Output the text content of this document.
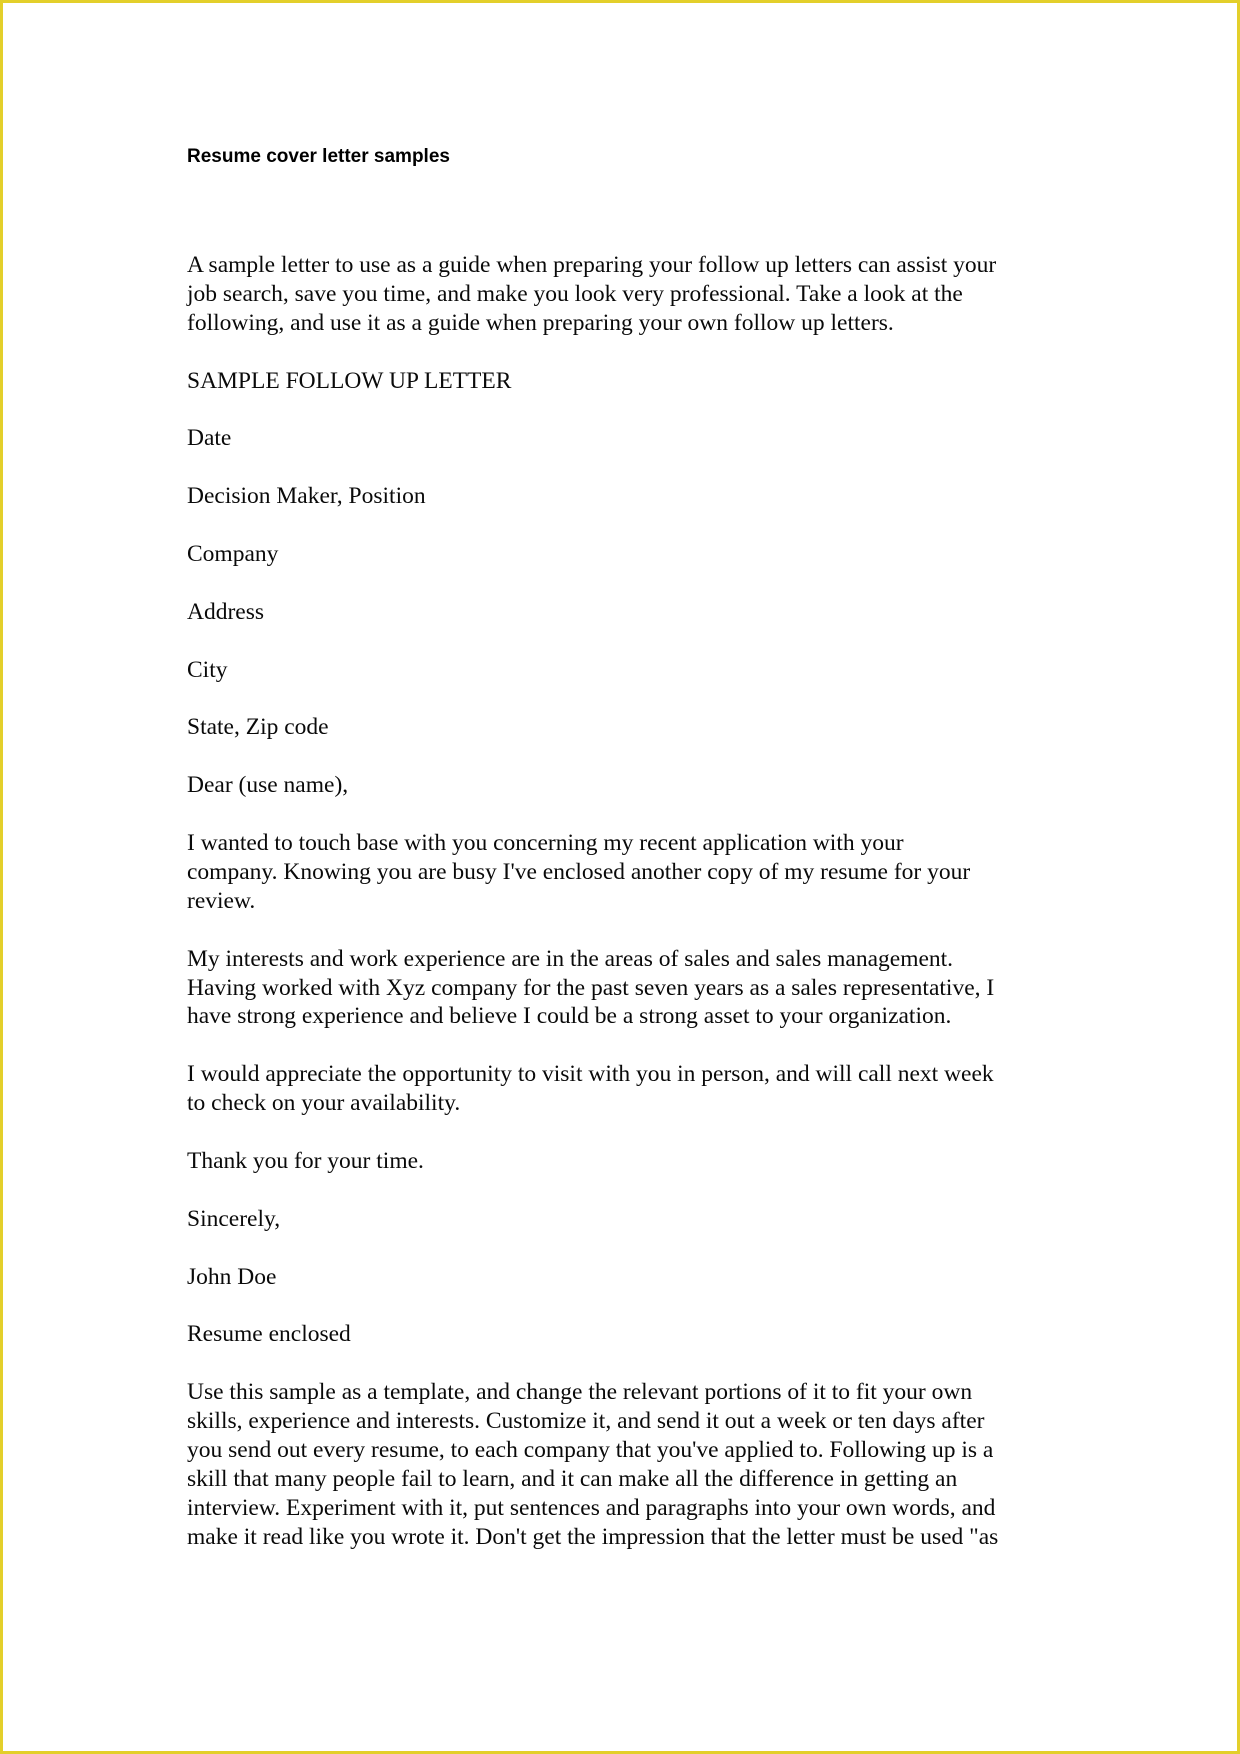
Resume cover letter samples

A sample letter to use as a guide when preparing your follow up letters can assist your
job search, save you time, and make you look very professional. Take a look at the
following, and use it as a guide when preparing your own follow up letters.

SAMPLE FOLLOW UP LETTER

Date

Decision Maker, Position

Company

Address

City

State, Zip code

Dear (use name),

I wanted to touch base with you concerning my recent application with your
company. Knowing you are busy I've enclosed another copy of my resume for your
review.

My interests and work experience are in the areas of sales and sales management.
Having worked with Xyz company for the past seven years as a sales representative, I
have strong experience and believe I could be a strong asset to your organization.

I would appreciate the opportunity to visit with you in person, and will call next week
to check on your availability.

Thank you for your time.

Sincerely,

John Doe

Resume enclosed

Use this sample as a template, and change the relevant portions of it to fit your own
skills, experience and interests. Customize it, and send it out a week or ten days after
you send out every resume, to each company that you've applied to. Following up is a
skill that many people fail to learn, and it can make all the difference in getting an
interview. Experiment with it, put sentences and paragraphs into your own words, and
make it read like you wrote it. Don't get the impression that the letter must be used "as
